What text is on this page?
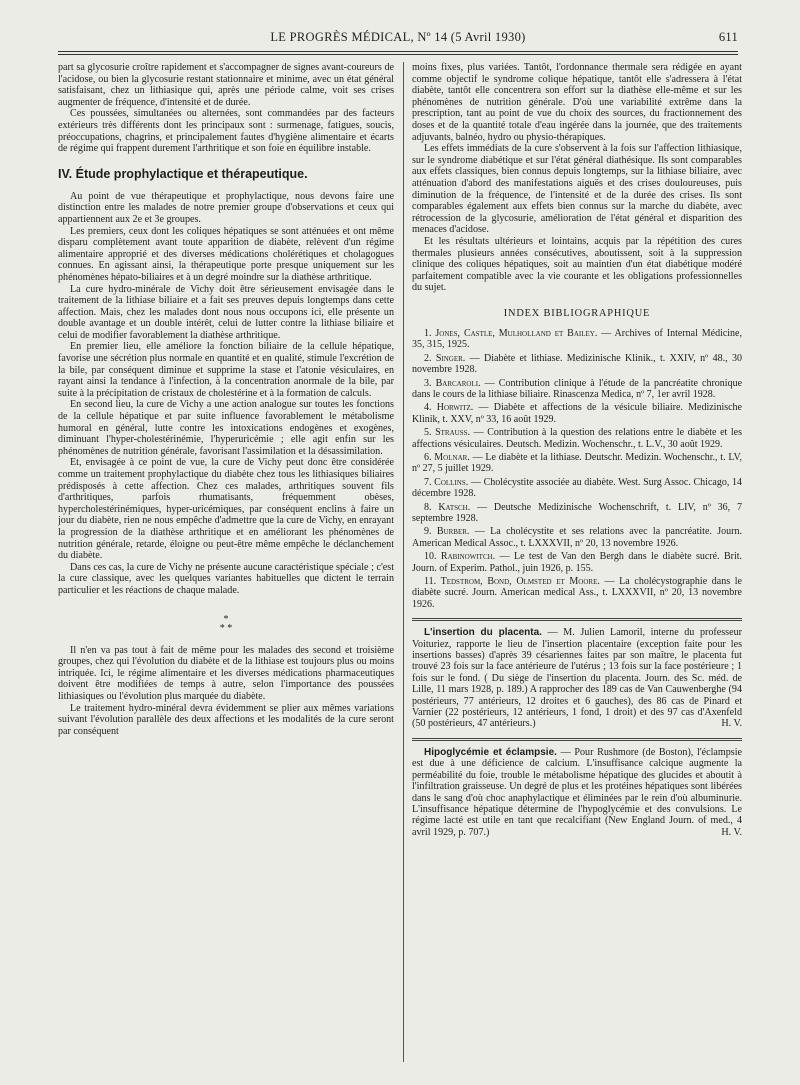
LE PROGRÈS MÉDICAL, Nº 14 (5 Avril 1930)	611

part sa glycosurie croître rapidement et s'accompagner de signes avant-coureurs de l'acidose, ou bien la glycosurie restant stationnaire et minime, avec un état général satisfaisant, chez un lithiasique qui, après une période calme, voit ses crises augmenter de fréquence, d'intensité et de durée.

Ces poussées, simultanées ou alternées, sont commandées par des facteurs extérieurs très différents dont les principaux sont : surmenage, fatigues, soucis, préoccupations, chagrins, et principalement fautes d'hygiène alimentaire et écarts de régime qui frappent durement l'arthritique et son foie en équilibre instable.

IV. Étude prophylactique et thérapeutique.

Au point de vue thérapeutique et prophylactique, nous devons faire une distinction entre les malades de notre premier groupe d'observations et ceux qui appartiennent aux 2e et 3e groupes.

Les premiers, ceux dont les coliques hépatiques se sont atténuées et ont même disparu complètement avant toute apparition de diabète, relèvent d'un régime alimentaire approprié et des diverses médications cholérétiques et cholagogues connues. En agissant ainsi, la thérapeutique porte presque uniquement sur les phénomènes hépato-biliaires et à un degré moindre sur la diathèse arthritique.

La cure hydro-minérale de Vichy doit être sérieusement envisagée dans le traitement de la lithiase biliaire et a fait ses preuves depuis longtemps dans cette affection. Mais, chez les malades dont nous nous occupons ici, elle présente un double avantage et un double intérêt, celui de lutter contre la lithiase biliaire et celui de modifier favorablement la diathèse arthritique.

En premier lieu, elle améliore la fonction biliaire de la cellule hépatique, favorise une sécrétion plus normale en quantité et en qualité, stimule l'excrétion de la bile, par conséquent diminue et supprime la stase et l'atonie vésiculaires, en rayant ainsi la tendance à l'infection, à la concentration anormale de la bile, par suite à la précipitation de cristaux de cholestérine et à la formation de calculs.

En second lieu, la cure de Vichy a une action analogue sur toutes les fonctions de la cellule hépatique et par suite influence favorablement le métabolisme humoral en général, lutte contre les intoxications endogènes et exogènes, diminuant l'hyper-cholestérinémie, l'hyperuricémie ; elle agit enfin sur les phénomènes de nutrition générale, favorisant l'assimilation et la désassimilation.

Et, envisagée à ce point de vue, la cure de Vichy peut donc être considérée comme un traitement prophylactique du diabète chez tous les lithiasiques biliaires prédisposés à cette affection. Chez ces malades, arthritiques souvent fils d'arthritiques, parfois rhumatisants, fréquemment obèses, hypercholestérinémiques, hyper-uricémiques, par conséquent enclins à faire un jour du diabète, rien ne nous empêche d'admettre que la cure de Vichy, en enrayant la progression de la diathèse arthritique et en améliorant les phénomènes de nutrition générale, retarde, éloigne ou peut-être même empêche le déclanchement du diabète.

Dans ces cas, la cure de Vichy ne présente aucune caractéristique spéciale ; c'est la cure classique, avec les quelques variantes habituelles que dictent le terrain particulier et les réactions de chaque malade.

*
* *

Il n'en va pas tout à fait de même pour les malades des second et troisième groupes, chez qui l'évolution du diabète et de la lithiase est toujours plus ou moins intriquée. Ici, le régime alimentaire et les diverses médications pharmaceutiques doivent être modifiées de temps à autre, selon l'importance des poussées lithiasiques ou l'évolution plus marquée du diabète.

Le traitement hydro-minéral devra évidemment se plier aux mêmes variations suivant l'évolution parallèle des deux affections et les modalités de la cure seront par conséquent

moins fixes, plus variées. Tantôt, l'ordonnance thermale sera rédigée en ayant comme objectif le syndrome colique hépatique, tantôt elle s'adressera à l'état diabète, tantôt elle concentrera son effort sur la diathèse elle-même et sur les phénomènes de nutrition générale. D'où une variabilité extrême dans la prescription, tant au point de vue du choix des sources, du fractionnement des doses et de la quantité totale d'eau ingérée dans la journée, que des traitements adjuvants, balnéo, hydro ou physio-thérapiques.

Les effets immédiats de la cure s'observent à la fois sur l'affection lithiasique, sur le syndrome diabétique et sur l'état général diathésique. Ils sont comparables aux effets classiques, bien connus depuis longtemps, sur la lithiase biliaire, avec atténuation d'abord des manifestations aiguës et des crises douloureuses, puis diminution de la fréquence, de l'intensité et de la durée des crises. Ils sont comparables également aux effets bien connus sur la marche du diabète, avec rétrocession de la glycosurie, amélioration de l'état général et disparition des menaces d'acidose.

Et les résultats ultérieurs et lointains, acquis par la répétition des cures thermales plusieurs années consécutives, aboutissent, soit à la suppression clinique des coliques hépatiques, soit au maintien d'un état diabétique modéré parfaitement compatible avec la vie courante et les obligations professionnelles du sujet.

INDEX BIBLIOGRAPHIQUE
1. Jones, Castle, Mulholland et Bailey. — Archives of Internal Médicine, 35, 315, 1925.
2. Singer. — Diabète et lithiase. Medizinische Klinik., t. XXIV, nº 48., 30 novembre 1928.
3. Barcaroli. — Contribution clinique à l'étude de la pancréatite chronique dans le cours de la lithiase biliaire. Rinascenza Medica, nº 7, 1er avril 1928.
4. Horwitz. — Diabète et affections de la vésicule biliaire. Medizinische Klinik, t. XXV, nº 33, 16 août 1929.
5. Strauss. — Contribution à la question des relations entre le diabète et les affections vésiculaires. Deutsch. Medizin. Wochenschr., t. L.V., 30 août 1929.
6. Molnar. — Le diabète et la lithiase. Deutschr. Medizin. Wochenschr., t. LV, nº 27, 5 juillet 1929.
7. Collins. — Cholécystite associée au diabète. West. Surg Assoc. Chicago, 14 décembre 1928.
8. Katsch. — Deutsche Medizinische Wochenschrift, t. LIV, nº 36, 7 septembre 1928.
9. Burber. — La cholécystite et ses relations avec la pancréatite. Journ. American Medical Assoc., t. LXXXVII, nº 20, 13 novembre 1926.
10. Rabinowitch. — Le test de Van den Bergh dans le diabète sucré. Brit. Journ. of Experim. Pathol., juin 1926, p. 155.
11. Tedstrom, Bond, Olmsted et Moore. — La cholécystographie dans le diabète sucré. Journ. American medical Ass., t. LXXXVII, nº 20, 13 novembre 1926.
L'insertion du placenta. — M. Julien Lamoril, interne du professeur Voituriez, rapporte le lieu de l'insertion placentaire (exception faite pour les insertions basses) d'après 39 césariennes faites par son maître, le placenta fut trouvé 23 fois sur la face antérieure de l'utérus ; 13 fois sur la face postérieure ; 1 fois sur le fond. ( Du siège de l'insertion du placenta. Journ. des Sc. méd. de Lille, 11 mars 1928, p. 189.) A rapprocher des 189 cas de Van Cauwenberghe (94 postérieurs, 77 antérieurs, 12 droites et 6 gauches), des 86 cas de Pinard et Varnier (22 postérieurs, 12 antérieurs, 1 fond, 1 droit) et des 97 cas d'Axenfeld (50 postérieurs, 47 antérieurs.)	H. V.
Hipoglycémie et éclampsie. — Pour Rushmore (de Boston), l'éclampsie est due à une déficience de calcium. L'insuffisance calcique augmente la perméabilité du foie, trouble le métabolisme hépatique des glucides et aboutit à l'infiltration graisseuse. Un degré de plus et les protéines hépatiques sont libérées dans le sang d'où choc anaphylactique et éliminées par le rein d'où albuminurie. L'insuffisance hépatique détermine de l'hypoglycémie et des convulsions. Le régime lacté est utile en tant que recalcifiant (New England Journ. of med., 4 avril 1929, p. 707.)	H. V.
